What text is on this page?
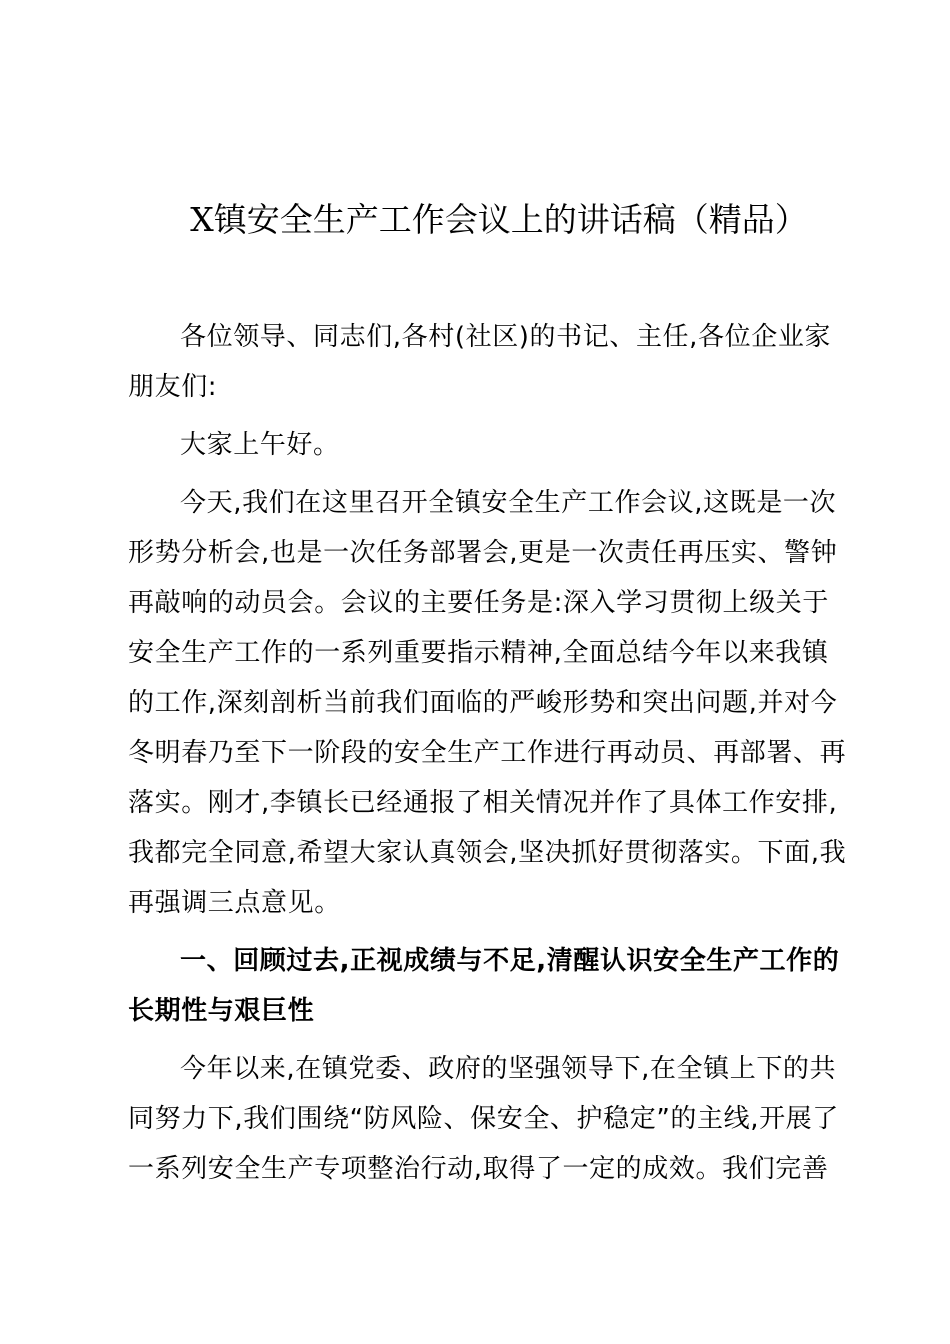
X镇安全生产工作会议上的讲话稿（精品）
各位领导、同志们,各村(社区)的书记、主任,各位企业家
朋友们:
大家上午好。
今天,我们在这里召开全镇安全生产工作会议,这既是一次
形势分析会,也是一次任务部署会,更是一次责任再压实、警钟
再敲响的动员会。会议的主要任务是:深入学习贯彻上级关于
安全生产工作的一系列重要指示精神,全面总结今年以来我镇
的工作,深刻剖析当前我们面临的严峻形势和突出问题,并对今
冬明春乃至下一阶段的安全生产工作进行再动员、再部署、再
落实。刚才,李镇长已经通报了相关情况并作了具体工作安排,
我都完全同意,希望大家认真领会,坚决抓好贯彻落实。下面,我
再强调三点意见。
一、回顾过去,正视成绩与不足,清醒认识安全生产工作的
长期性与艰巨性
今年以来,在镇党委、政府的坚强领导下,在全镇上下的共
同努力下,我们围绕“防风险、保安全、护稳定”的主线,开展了
一系列安全生产专项整治行动,取得了一定的成效。我们完善
